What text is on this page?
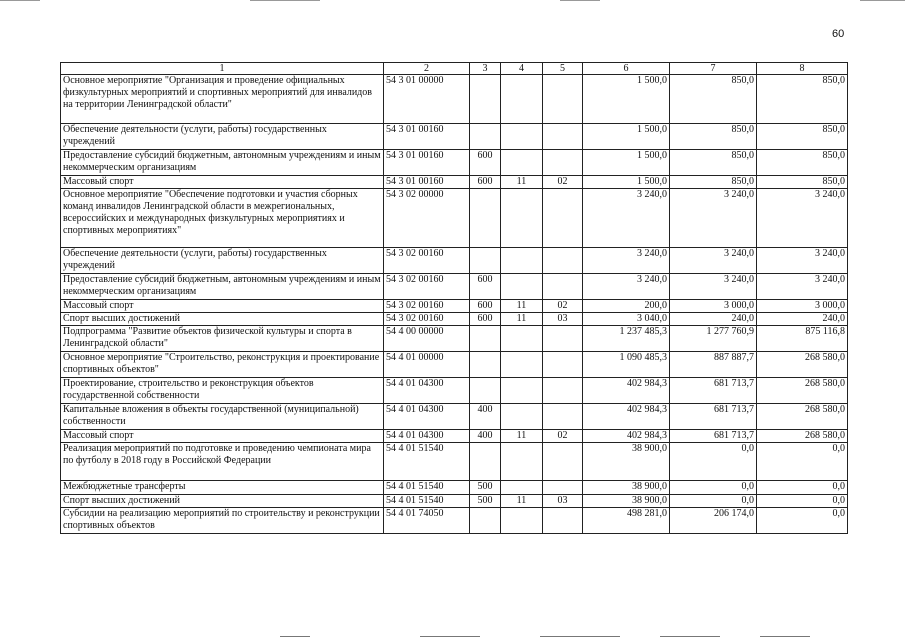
60
1	2	3	4	5	6	7	8
Основное мероприятие "Организация и проведение официальных физкультурных мероприятий и спортивных мероприятий для инвалидов на территории Ленинградской области"	54 3 01 00000				1 500,0	850,0	850,0
Обеспечение деятельности (услуги, работы) государственных учреждений	54 3 01 00160				1 500,0	850,0	850,0
Предоставление субсидий бюджетным, автономным учреждениям и иным некоммерческим организациям	54 3 01 00160	600			1 500,0	850,0	850,0
Массовый спорт	54 3 01 00160	600	11	02	1 500,0	850,0	850,0
Основное мероприятие "Обеспечение подготовки и участия сборных команд инвалидов Ленинградской области в межрегиональных, всероссийских и международных физкультурных мероприятиях и спортивных мероприятиях"	54 3 02 00000				3 240,0	3 240,0	3 240,0
Обеспечение деятельности (услуги, работы) государственных учреждений	54 3 02 00160				3 240,0	3 240,0	3 240,0
Предоставление субсидий бюджетным, автономным учреждениям и иным некоммерческим организациям	54 3 02 00160	600			3 240,0	3 240,0	3 240,0
Массовый спорт	54 3 02 00160	600	11	02	200,0	3 000,0	3 000,0
Спорт высших достижений	54 3 02 00160	600	11	03	3 040,0	240,0	240,0
Подпрограмма "Развитие объектов физической культуры и спорта в Ленинградской области"	54 4 00 00000				1 237 485,3	1 277 760,9	875 116,8
Основное мероприятие "Строительство, реконструкция и проектирование спортивных объектов"	54 4 01 00000				1 090 485,3	887 887,7	268 580,0
Проектирование, строительство и реконструкция объектов государственной собственности	54 4 01 04300				402 984,3	681 713,7	268 580,0
Капитальные вложения в объекты государственной (муниципальной) собственности	54 4 01 04300	400			402 984,3	681 713,7	268 580,0
Массовый спорт	54 4 01 04300	400	11	02	402 984,3	681 713,7	268 580,0
Реализация мероприятий по подготовке и проведению чемпионата мира по футболу в 2018 году в Российской Федерации	54 4 01 51540				38 900,0	0,0	0,0
Межбюджетные трансферты	54 4 01 51540	500			38 900,0	0,0	0,0
Спорт высших достижений	54 4 01 51540	500	11	03	38 900,0	0,0	0,0
Субсидии на реализацию мероприятий по строительству и реконструкции спортивных объектов	54 4 01 74050				498 281,0	206 174,0	0,0
